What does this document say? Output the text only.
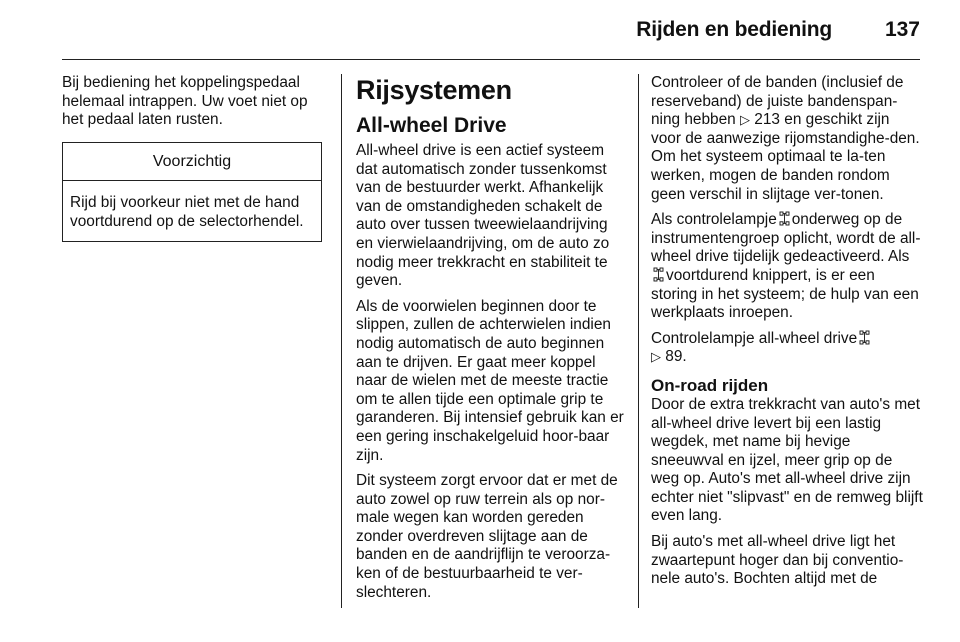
Rijden en bediening	137

Bij bediening het koppelingspedaal helemaal intrappen. Uw voet niet op het pedaal laten rusten.

Voorzichtig
Rijd bij voorkeur niet met de hand voortdurend op de selectorhendel.
Rijsystemen
All-wheel Drive

All-wheel drive is een actief systeem dat automatisch zonder tussenkomst van de bestuurder werkt. Afhankelijk van de omstandigheden schakelt de auto over tussen tweewielaandrijving en vierwielaandrijving, om de auto zo nodig meer trekkracht en stabiliteit te geven.

Als de voorwielen beginnen door te slippen, zullen de achterwielen indien nodig automatisch de auto beginnen aan te drijven. Er gaat meer koppel naar de wielen met de meeste tractie om te allen tijde een optimale grip te garanderen. Bij intensief gebruik kan er een gering inschakelgeluid hoor-baar zijn.

Dit systeem zorgt ervoor dat er met de auto zowel op ruw terrein als op nor-male wegen kan worden gereden zonder overdreven slijtage aan de banden en de aandrijflijn te veroorza-ken of de bestuurbaarheid te ver-slechteren.

Controleer of de banden (inclusief de reserveband) de juiste bandenspan-ning hebben ▷ 213 en geschikt zijn voor de aanwezige rijomstandighe-den. Om het systeem optimaal te la-ten werken, mogen de banden rondom geen verschil in slijtage ver-tonen.

Als controlelampje onderweg op de instrumentengroep oplicht, wordt de all-wheel drive tijdelijk gedeactiveerd. Alsvoortdurend knippert, is er een storing in het systeem; de hulp van een werkplaats inroepen.

Controlelampje all-wheel drive
▷ 89.

On-road rijden

Door de extra trekkracht van auto's met all-wheel drive levert bij een lastig wegdek, met name bij hevige sneeuwval en ijzel, meer grip op de weg op. Auto's met all-wheel drive zijn echter niet "slipvast" en de remweg blijft even lang.

Bij auto's met all-wheel drive ligt het zwaartepunt hoger dan bij conventio-nele auto's. Bochten altijd met de
